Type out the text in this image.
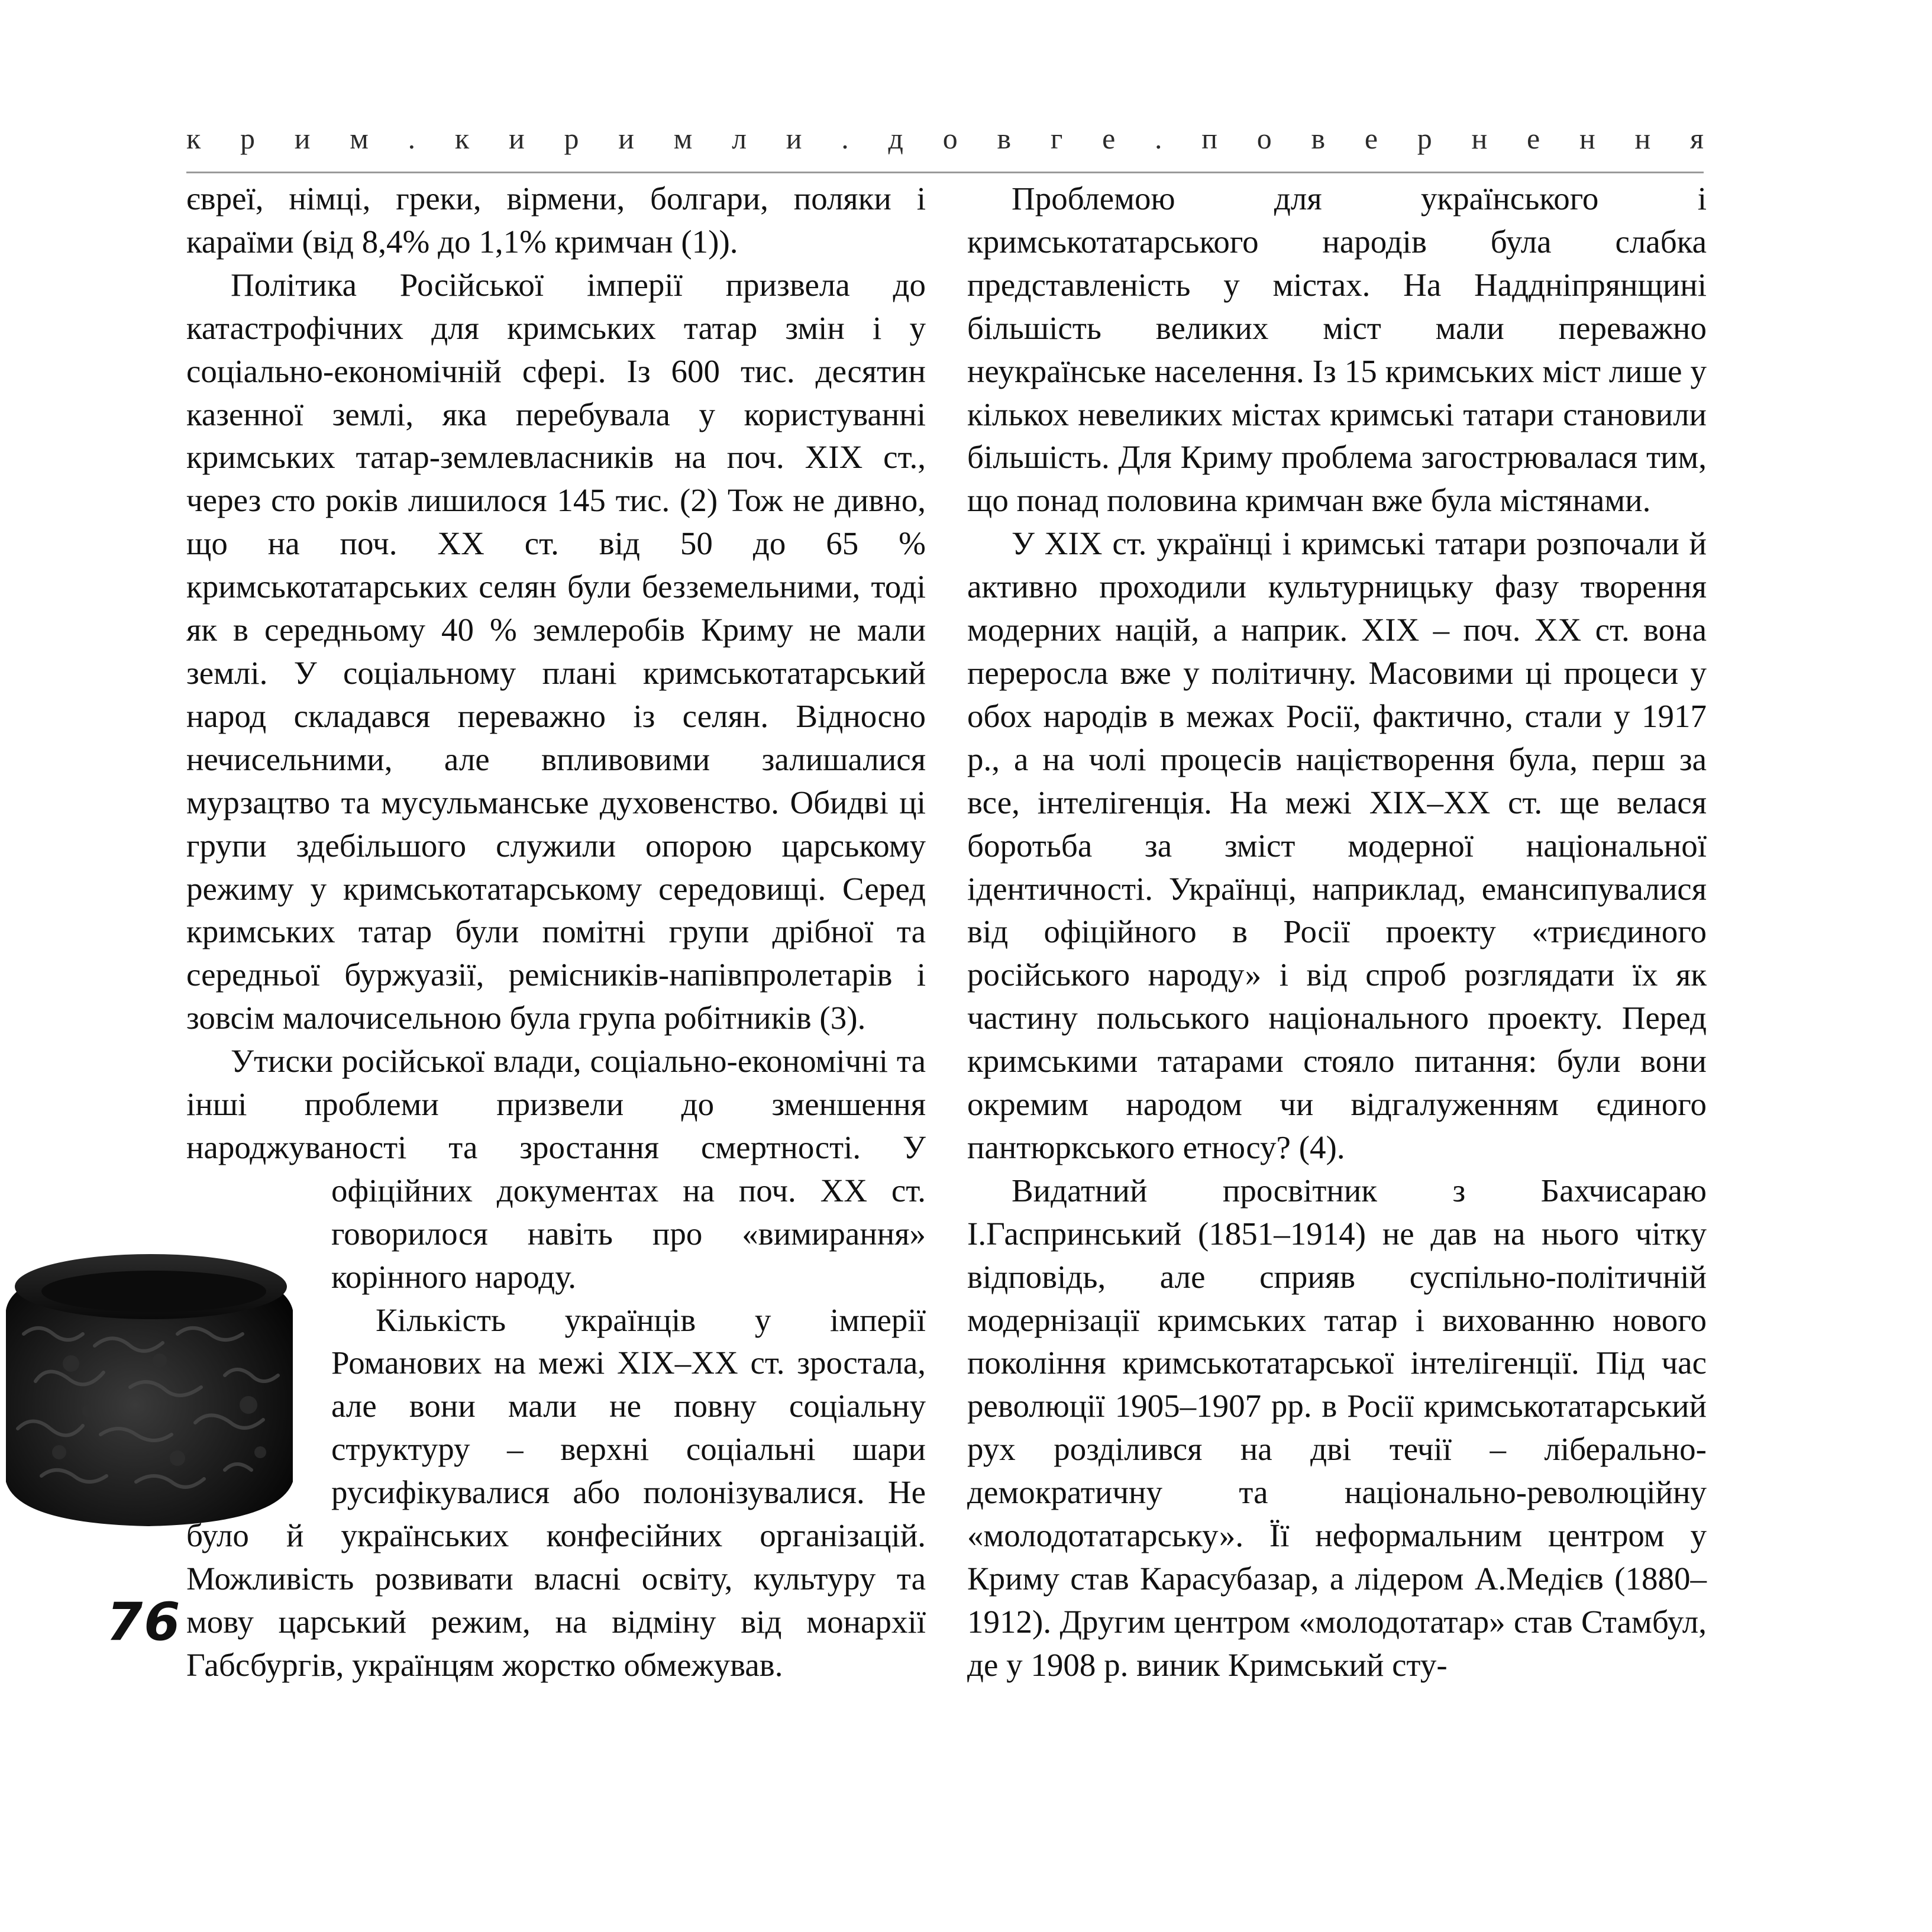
к р и м . к и р и м л и . д о в г е . п о в е р н е н н я

євреї, німці, греки, вірмени, болгари, поляки і караїми (від 8,4% до 1,1% кримчан (1)).

Політика Російської імперії призвела до катастрофічних для кримських татар змін і у соціально-економічній сфері. Із 600 тис. десятин казенної землі, яка перебувала у користуванні кримських татар-землевласників на поч. XIX ст., через сто років лишилося 145 тис. (2) Тож не дивно, що на поч. XX ст. від 50 до 65 % кримськотатарських селян були безземельними, тоді як в середньому 40 % землеробів Криму не мали землі. У соціальному плані кримськотатарський народ складався переважно із селян. Відносно нечисельними, але впливовими залишалися мурзацтво та мусульманське духовенство. Обидві ці групи здебільшого служили опорою царському режиму у кримськотатарському середовищі. Серед кримських татар були помітні групи дрібної та середньої буржуазії, ремісників-напівпролетарів і зовсім малочисельною була група робітників (3).

Утиски російської влади, соціально-економічні та інші проблеми призвели до зменшення народжуваності та зростання смертності. У офіційних документах на поч. XX ст. говорилося навіть про «вимирання» корінного народу.

Кількість українців у імперії Романових на межі XIX–XX ст. зростала, але вони мали не повну соціальну структуру – верхні соціальні шари русифікувалися або полонізувалися. Не було й українських конфесійних організацій. Можливість розвивати власні освіту, культуру та мову царський режим, на відміну від монархії Габсбургів, українцям жорстко обмежував.

Проблемою для українського і кримськотатарського народів була слабка представленість у містах. На Наддніпрянщині більшість великих міст мали переважно неукраїнське населення. Із 15 кримських міст лише у кількох невеликих містах кримські татари становили більшість. Для Криму проблема загострювалася тим, що понад половина кримчан вже була містянами.

У XIX ст. українці і кримські татари розпочали й активно проходили культурницьку фазу творення модерних націй, а наприк. XIX – поч. XX ст. вона переросла вже у політичну. Масовими ці процеси у обох народів в межах Росії, фактично, стали у 1917 р., а на чолі процесів націєтворення була, перш за все, інтелігенція. На межі XIX–XX ст. ще велася боротьба за зміст модерної національної ідентичності. Українці, наприклад, емансипувалися від офіційного в Росії проекту «триєдиного російського народу» і від спроб розглядати їх як частину польського національного проекту. Перед кримськими татарами стояло питання: були вони окремим народом чи відгалуженням єдиного пантюркського етносу? (4).

Видатний просвітник з Бахчисараю І.Гаспринський (1851–1914) не дав на нього чітку відповідь, але сприяв суспільно-політичній модернізації кримських татар і вихованню нового покоління кримськотатарської інтелігенції. Під час революції 1905–1907 рр. в Росії кримськотатарський рух розділився на дві течії – ліберально-демократичну та національно-революційну «молодотатарську». Її неформальним центром у Криму став Карасубазар, а лідером А.Медієв (1880–1912). Другим центром «молодотатар» став Стамбул, де у 1908 р. виник Кримський сту-

76
